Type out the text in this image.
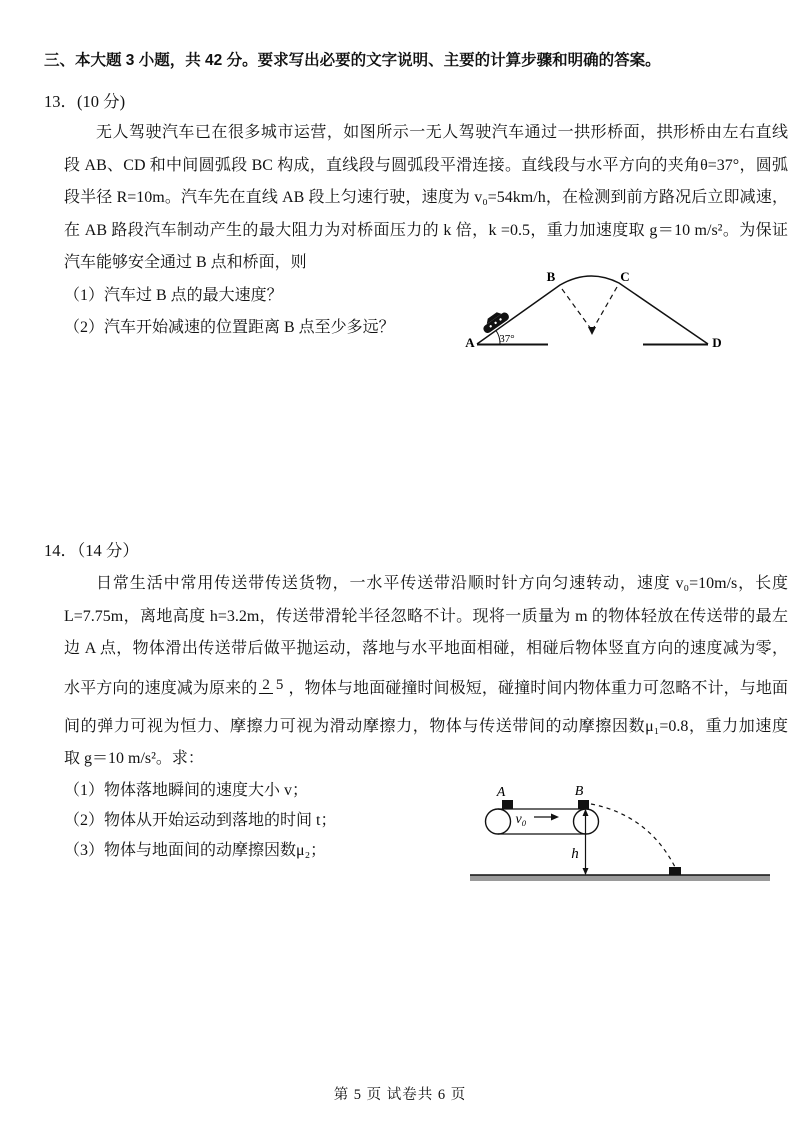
三、本大题 3 小题，共 42 分。要求写出必要的文字说明、主要的计算步骤和明确的答案。
13．(10 分)
无人驾驶汽车已在很多城市运营，如图所示一无人驾驶汽车通过一拱形桥面，拱形桥由左右直线
段 AB、CD 和中间圆弧段 BC 构成，直线段与圆弧段平滑连接。直线段与水平方向的夹角θ=37°，圆弧
段半径 R=10m。汽车先在直线 AB 段上匀速行驶，速度为 v₀=54km/h，在检测到前方路况后立即减速，
在 AB 路段汽车制动产生的最大阻力为对桥面压力的 k 倍，k =0.5，重力加速度取 g＝10 m/s²。为保证
汽车能够安全通过 B 点和桥面，则
（1）汽车过 B 点的最大速度？
（2）汽车开始减速的位置距离 B 点至少多远？
A
B	C
D
37°
14．（14 分）
日常生活中常用传送带传送货物，一水平传送带沿顺时针方向匀速转动，速度 v₀=10m/s，长度
L=7.75m，离地高度 h=3.2m，传送带滑轮半径忽略不计。现将一质量为 m 的物体轻放在传送带的最左
边 A 点，物体滑出传送带后做平抛运动，落地与水平地面相碰，相碰后物体竖直方向的速度减为零，
水平方向的速度减为原来的 2 5 ，物体与地面碰撞时间极短，碰撞时间内物体重力可忽略不计，与地面
间的弹力可视为恒力、摩擦力可视为滑动摩擦力，物体与传送带间的动摩擦因数μ₁=0.8，重力加速度
取 g＝10 m/s²。求：
（1）物体落地瞬间的速度大小 v；
（2）物体从开始运动到落地的时间 t；
（3）物体与地面间的动摩擦因数μ₂；
A	B
v₀
h
第 5 页 试卷共 6 页
